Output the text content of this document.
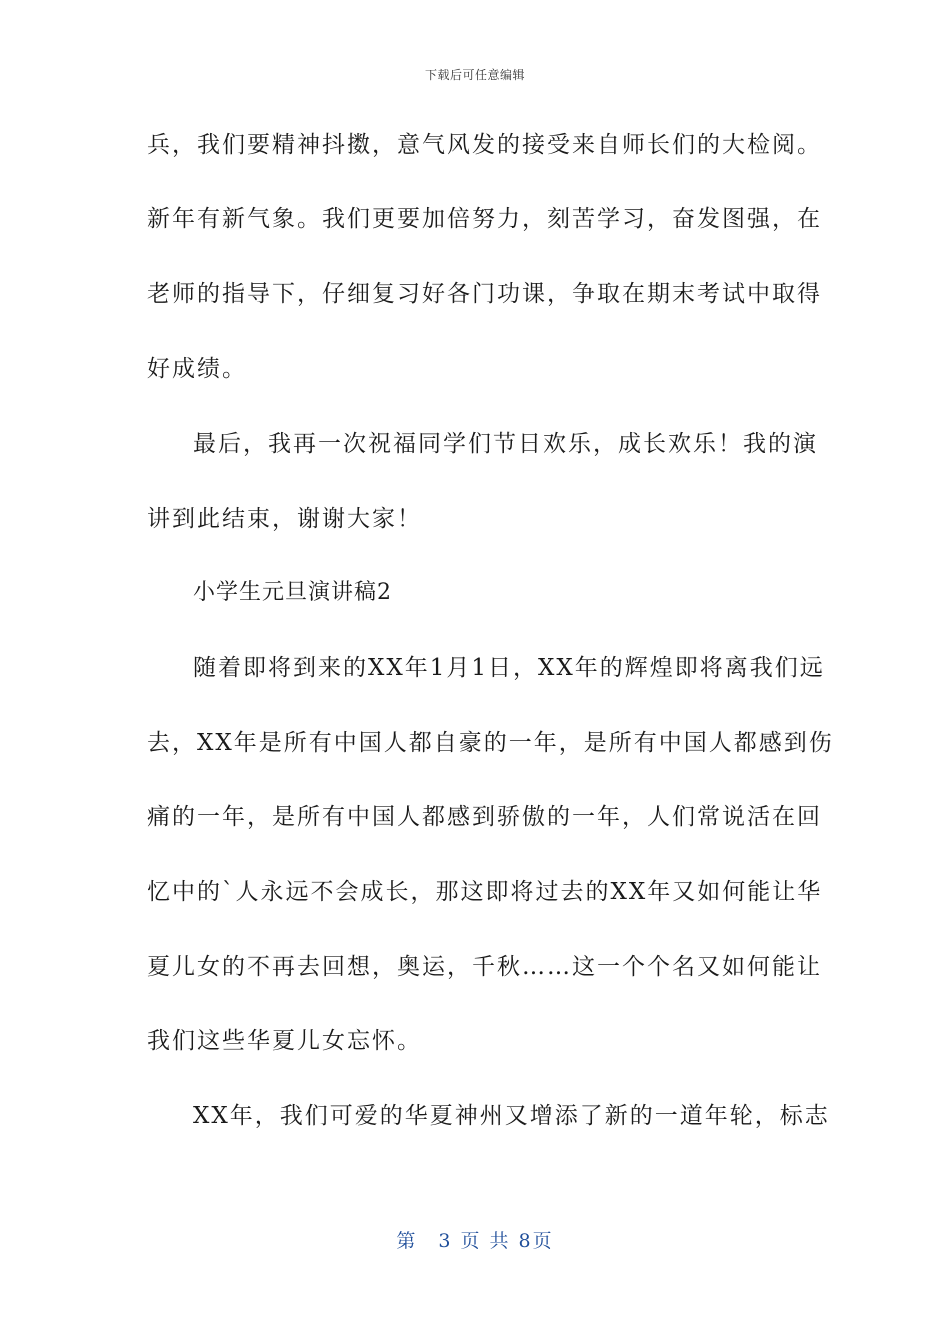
下载后可任意编辑
兵，我们要精神抖擞，意气风发的接受来自师长们的大检阅。
新年有新气象。我们更要加倍努力，刻苦学习，奋发图强，在
老师的指导下，仔细复习好各门功课，争取在期末考试中取得
好成绩。
最后，我再一次祝福同学们节日欢乐，成长欢乐！我的演
讲到此结束，谢谢大家！
小学生元旦演讲稿2
随着即将到来的XX年1月1日，XX年的辉煌即将离我们远
去，XX年是所有中国人都自豪的一年，是所有中国人都感到伤
痛的一年，是所有中国人都感到骄傲的一年，人们常说活在回
忆中的`人永远不会成长，那这即将过去的XX年又如何能让华
夏儿女的不再去回想，奥运，千秋……这一个个名又如何能让
我们这些华夏儿女忘怀。
XX年，我们可爱的华夏神州又增添了新的一道年轮，标志
第　3 页 共 8页
